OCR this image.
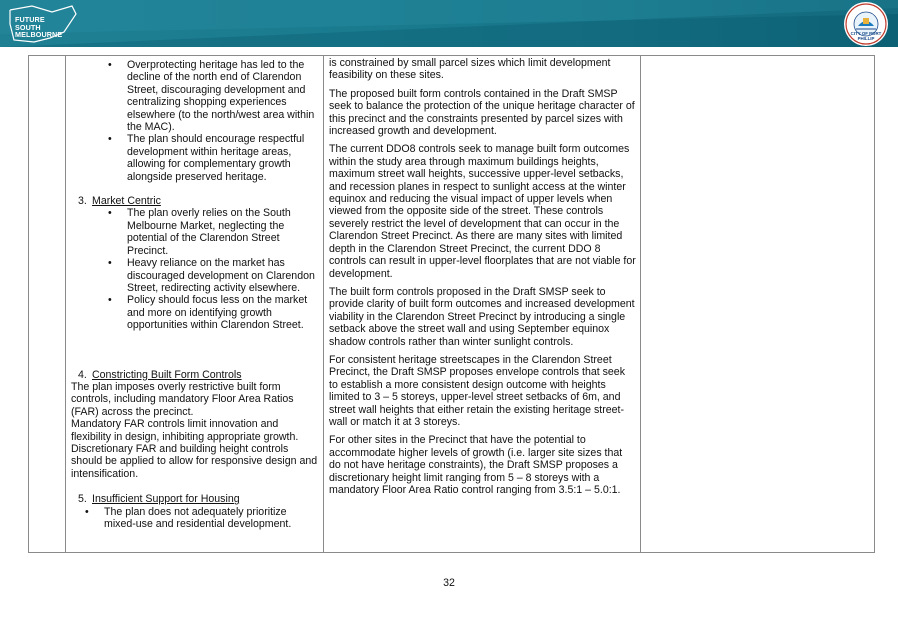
FUTURE
SOUTH
MELBOURNE	CITY OF PORT PHILLIP

• Overprotecting heritage has led to the decline of the north end of Clarendon Street, discouraging development and centralizing shopping experiences elsewhere (to the north/west area within the MAC).
• The plan should encourage respectful development within heritage areas, allowing for complementary growth alongside preserved heritage.
3. Market Centric
• The plan overly relies on the South Melbourne Market, neglecting the potential of the Clarendon Street Precinct.
• Heavy reliance on the market has discouraged development on Clarendon Street, redirecting activity elsewhere.
• Policy should focus less on the market and more on identifying growth opportunities within Clarendon Street.
4. Constricting Built Form Controls
The plan imposes overly restrictive built form controls, including mandatory Floor Area Ratios (FAR) across the precinct.
Mandatory FAR controls limit innovation and flexibility in design, inhibiting appropriate growth. Discretionary FAR and building height controls should be applied to allow for responsive design and intensification.
5. Insufficient Support for Housing
• The plan does not adequately prioritize mixed-use and residential development.

is constrained by small parcel sizes which limit development feasibility on these sites.

The proposed built form controls contained in the Draft SMSP seek to balance the protection of the unique heritage character of this precinct and the constraints presented by parcel sizes with increased growth and development.

The current DDO8 controls seek to manage built form outcomes within the study area through maximum buildings heights, maximum street wall heights, successive upper-level setbacks, and recession planes in respect to sunlight access at the winter equinox and reducing the visual impact of upper levels when viewed from the opposite side of the street. These controls severely restrict the level of development that can occur in the Clarendon Street Precinct. As there are many sites with limited depth in the Clarendon Street Precinct, the current DDO 8 controls can result in upper-level floorplates that are not viable for development.

The built form controls proposed in the Draft SMSP seek to provide clarity of built form outcomes and increased development viability in the Clarendon Street Precinct by introducing a single setback above the street wall and using September equinox shadow controls rather than winter sunlight controls.

For consistent heritage streetscapes in the Clarendon Street Precinct, the Draft SMSP proposes envelope controls that seek to establish a more consistent design outcome with heights limited to 3 – 5 storeys, upper-level street setbacks of 6m, and street wall heights that either retain the existing heritage street-wall or match it at 3 storeys.

For other sites in the Precinct that have the potential to accommodate higher levels of growth (i.e. larger site sizes that do not have heritage constraints), the Draft SMSP proposes a discretionary height limit ranging from 5 – 8 storeys with a mandatory Floor Area Ratio control ranging from 3.5:1 – 5.0:1.

32
